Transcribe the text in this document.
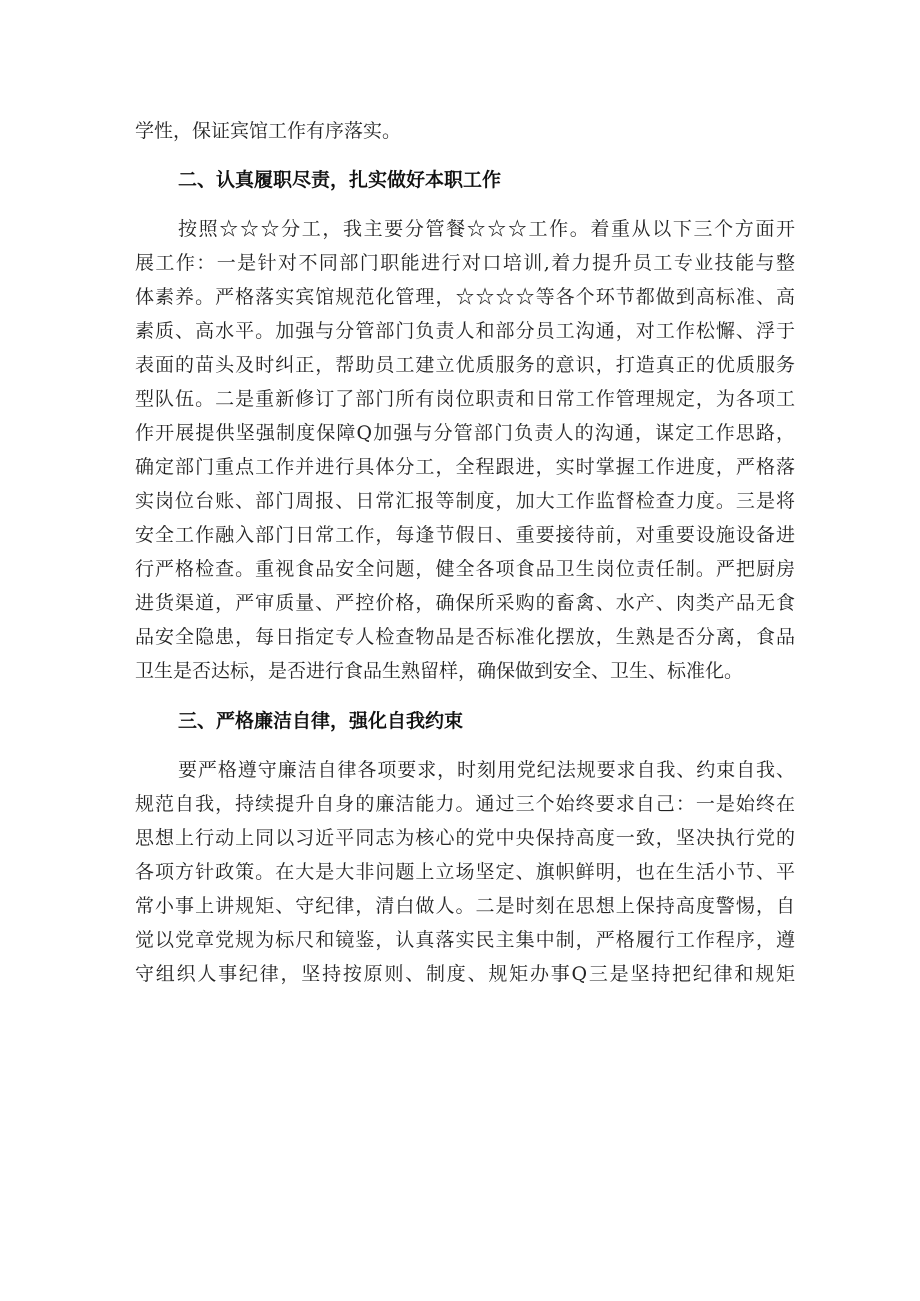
学性，保证宾馆工作有序落实。
二、认真履职尽责，扎实做好本职工作
按照☆☆☆分工，我主要分管餐☆☆☆工作。着重从以下三个方面开
展工作：一是针对不同部门职能进行对口培训,着力提升员工专业技能与整
体素养。严格落实宾馆规范化管理，☆☆☆☆等各个环节都做到高标准、高
素质、高水平。加强与分管部门负责人和部分员工沟通，对工作松懈、浮于
表面的苗头及时纠正，帮助员工建立优质服务的意识，打造真正的优质服务
型队伍。二是重新修订了部门所有岗位职责和日常工作管理规定，为各项工
作开展提供坚强制度保障Q加强与分管部门负责人的沟通，谋定工作思路，
确定部门重点工作并进行具体分工，全程跟进，实时掌握工作进度，严格落
实岗位台账、部门周报、日常汇报等制度，加大工作监督检查力度。三是将
安全工作融入部门日常工作，每逢节假日、重要接待前，对重要设施设备进
行严格检查。重视食品安全问题，健全各项食品卫生岗位责任制。严把厨房
进货渠道，严审质量、严控价格，确保所采购的畜禽、水产、肉类产品无食
品安全隐患，每日指定专人检查物品是否标准化摆放，生熟是否分离，食品
卫生是否达标，是否进行食品生熟留样，确保做到安全、卫生、标准化。
三、严格廉洁自律，强化自我约束
要严格遵守廉洁自律各项要求，时刻用党纪法规要求自我、约束自我、
规范自我，持续提升自身的廉洁能力。通过三个始终要求自己：一是始终在
思想上行动上同以习近平同志为核心的党中央保持高度一致，坚决执行党的
各项方针政策。在大是大非问题上立场坚定、旗帜鲜明，也在生活小节、平
常小事上讲规矩、守纪律，清白做人。二是时刻在思想上保持高度警惕，自
觉以党章党规为标尺和镜鉴，认真落实民主集中制，严格履行工作程序，遵
守组织人事纪律，坚持按原则、制度、规矩办事Q三是坚持把纪律和规矩
